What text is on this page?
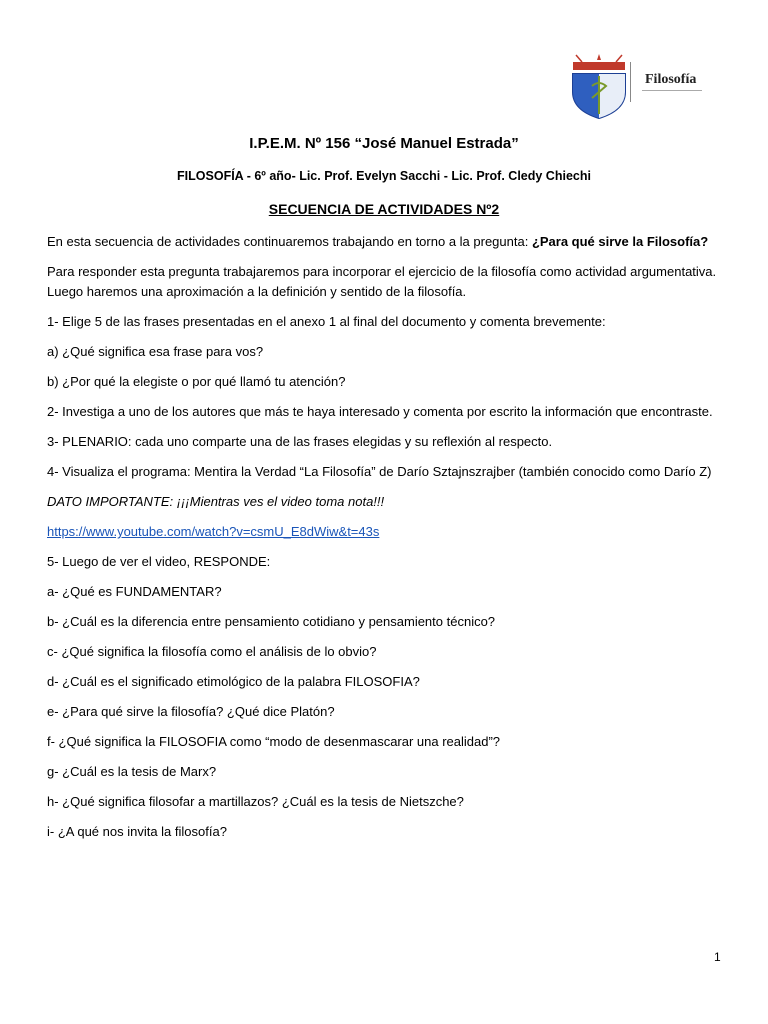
Filosofía
I.P.E.M. Nº 156 “José Manuel Estrada”
FILOSOFÍA - 6º año- Lic. Prof. Evelyn Sacchi - Lic. Prof. Cledy Chiechi
SECUENCIA DE ACTIVIDADES Nº2

En esta secuencia de actividades continuaremos trabajando en torno a la pregunta: ¿Para qué sirve la Filosofía?

Para responder esta pregunta trabajaremos para incorporar el ejercicio de la filosofía como actividad argumentativa. Luego haremos una aproximación a la definición y sentido de la filosofía.

1- Elige 5 de las frases presentadas en el anexo 1 al final del documento y comenta brevemente:

a) ¿Qué significa esa frase para vos?

b) ¿Por qué la elegiste o por qué llamó tu atención?

2- Investiga a uno de los autores que más te haya interesado y comenta por escrito la información que encontraste.

3- PLENARIO: cada uno comparte una de las frases elegidas y su reflexión al respecto.

4- Visualiza el programa: Mentira la Verdad “La Filosofía” de Darío Sztajnszrajber (también conocido como Darío Z)

DATO IMPORTANTE: ¡¡¡Mientras ves el video toma nota!!!

https://www.youtube.com/watch?v=csmU_E8dWiw&t=43s

5- Luego de ver el video, RESPONDE:

a- ¿Qué es FUNDAMENTAR?

b- ¿Cuál es la diferencia entre pensamiento cotidiano y pensamiento técnico?

c- ¿Qué significa la filosofía como el análisis de lo obvio?

d- ¿Cuál es el significado etimológico de la palabra FILOSOFIA?

e- ¿Para qué sirve la filosofía? ¿Qué dice Platón?

f- ¿Qué significa la FILOSOFIA como “modo de desenmascarar una realidad”?

g- ¿Cuál es la tesis de Marx?

h- ¿Qué significa filosofar a martillazos? ¿Cuál es la tesis de Nietszche?

i- ¿A qué nos invita la filosofía?

1
